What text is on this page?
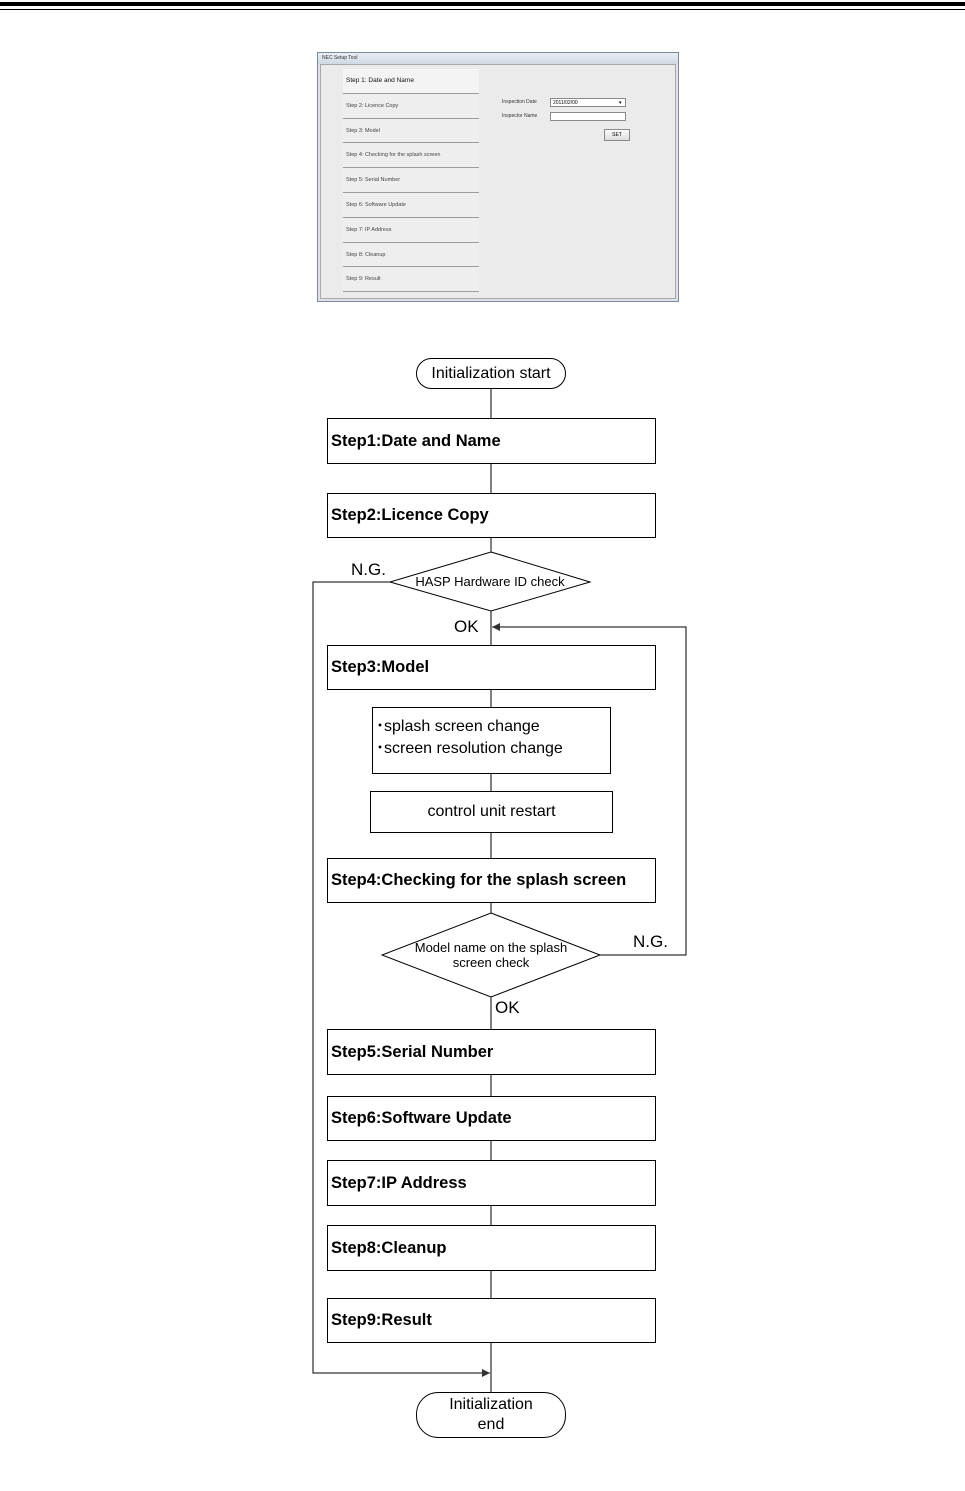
NEC Setup Tool
Step 1: Date and Name
Step 2: Licence Copy
Step 3: Model
Step 4: Checking for the splash screen
Step 5: Serial Number
Step 6: Software Update
Step 7: IP Address
Step 8: Cleanup
Step 9: Result
Inspection Date	2011/02/00	▾
Inspector Name
SET
Initialization start
Step1:Date and Name
Step2:Licence Copy
HASP Hardware ID check
N.G.
OK
Step3:Model
･splash screen change
･screen resolution change
control unit restart
Step4:Checking for the splash screen
Model name on the splash
screen check
N.G.
OK
Step5:Serial Number
Step6:Software Update
Step7:IP Address
Step8:Cleanup
Step9:Result
Initialization
end
